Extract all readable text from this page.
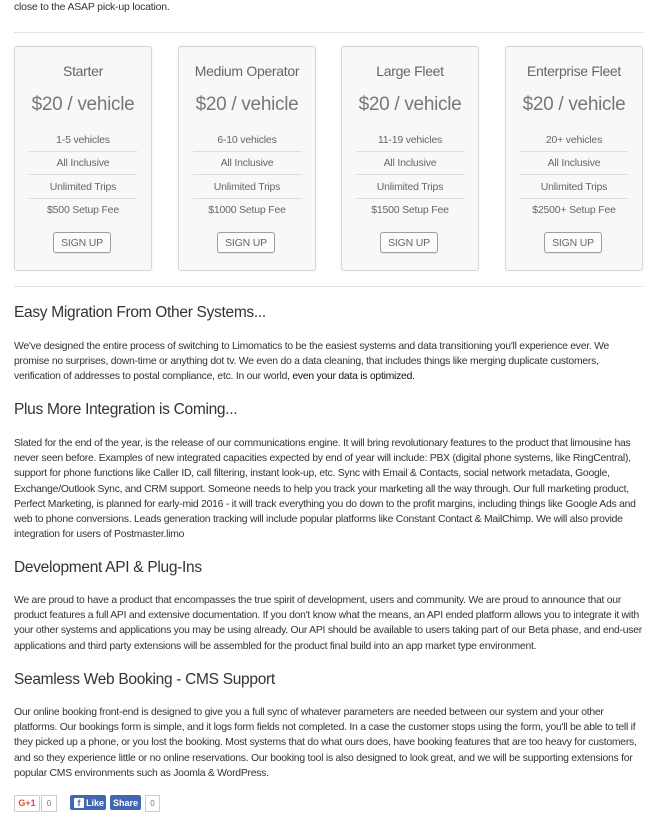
close to the ASAP pick-up location.
Starter
$20 / vehicle
1-5 vehicles
All Inclusive
Unlimited Trips
$500 Setup Fee
SIGN UP
Medium Operator
$20 / vehicle
6-10 vehicles
All Inclusive
Unlimited Trips
$1000 Setup Fee
SIGN UP
Large Fleet
$20 / vehicle
11-19 vehicles
All Inclusive
Unlimited Trips
$1500 Setup Fee
SIGN UP
Enterprise Fleet
$20 / vehicle
20+ vehicles
All Inclusive
Unlimited Trips
$2500+ Setup Fee
SIGN UP
Easy Migration From Other Systems...

We've designed the entire process of switching to Limomatics to be the easiest systems and data transitioning you'll experience ever. We promise no surprises, down-time or anything dot tv. We even do a data cleaning, that includes things like merging duplicate customers, verification of addresses to postal compliance, etc. In our world, even your data is optimized.

Plus More Integration is Coming...

Slated for the end of the year, is the release of our communications engine. It will bring revolutionary features to the product that limousine has never seen before. Examples of new integrated capacities expected by end of year will include: PBX (digital phone systems, like RingCentral), support for phone functions like Caller ID, call filtering, instant look-up, etc. Sync with Email & Contacts, social network metadata, Google, Exchange/Outlook Sync, and CRM support. Someone needs to help you track your marketing all the way through. Our full marketing product, Perfect Marketing, is planned for early-mid 2016 - it will track everything you do down to the profit margins, including things like Google Ads and web to phone conversions. Leads generation tracking will include popular platforms like Constant Contact & MailChimp. We will also provide integration for users of Postmaster.limo

Development API & Plug-Ins

We are proud to have a product that encompasses the true spirit of development, users and community. We are proud to announce that our product features a full API and extensive documentation. If you don't know what the means, an API ended platform allows you to integrate it with your other systems and applications you may be using already. Our API should be available to users taking part of our Beta phase, and end-user applications and third party extensions will be assembled for the product final build into an app market type environment.

Seamless Web Booking - CMS Support

Our online booking front-end is designed to give you a full sync of whatever parameters are needed between our system and your other platforms. Our bookings form is simple, and it logs form fields not completed. In a case the customer stops using the form, you'll be able to tell if they picked up a phone, or you lost the booking. Most systems that do what ours does, have booking features that are too heavy for customers, and so they experience little or no online reservations. Our booking tool is also designed to look great, and we will be supporting extensions for popular CMS environments such as Joomla & WordPress.

G+1	0	f Like Share	0
